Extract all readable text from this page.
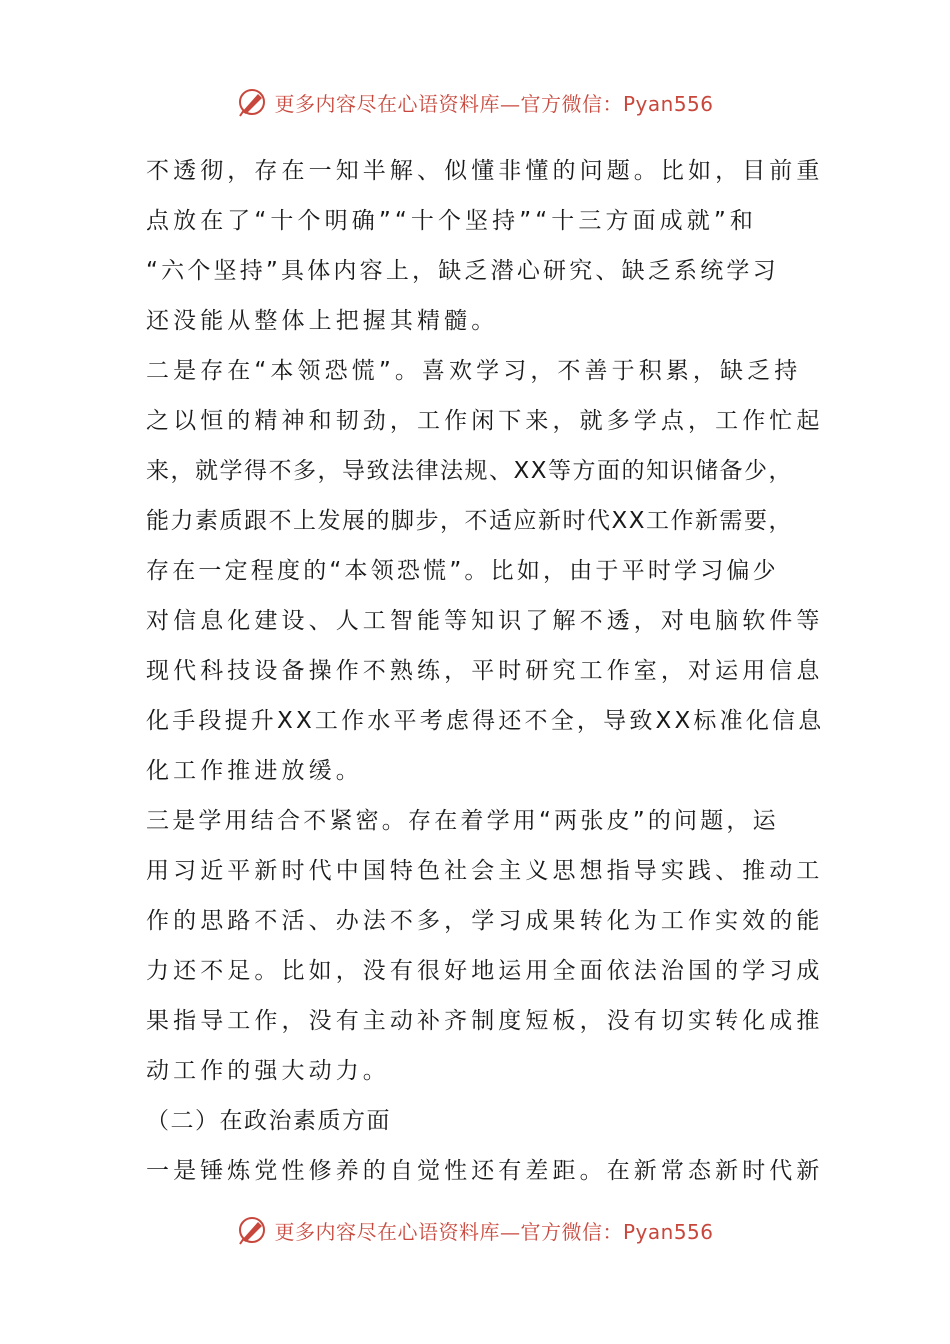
更多内容尽在心语资料库—官方微信：Pyan556
不透彻，存在一知半解、似懂非懂的问题。比如，目前重
点放在了“十个明确”“十个坚持”“十三方面成就”和
“六个坚持”具体内容上，缺乏潜心研究、缺乏系统学习
还没能从整体上把握其精髓。
二是存在“本领恐慌”。喜欢学习，不善于积累，缺乏持
之以恒的精神和韧劲，工作闲下来，就多学点，工作忙起
来，就学得不多，导致法律法规、XX等方面的知识储备少，
能力素质跟不上发展的脚步，不适应新时代XX工作新需要，
存在一定程度的“本领恐慌”。比如，由于平时学习偏少
对信息化建设、人工智能等知识了解不透，对电脑软件等
现代科技设备操作不熟练，平时研究工作室，对运用信息
化手段提升XX工作水平考虑得还不全，导致XX标准化信息
化工作推进放缓。
三是学用结合不紧密。存在着学用“两张皮”的问题，运
用习近平新时代中国特色社会主义思想指导实践、推动工
作的思路不活、办法不多，学习成果转化为工作实效的能
力还不足。比如，没有很好地运用全面依法治国的学习成
果指导工作，没有主动补齐制度短板，没有切实转化成推
动工作的强大动力。
（二）在政治素质方面
一是锤炼党性修养的自觉性还有差距。在新常态新时代新
更多内容尽在心语资料库—官方微信：Pyan556
